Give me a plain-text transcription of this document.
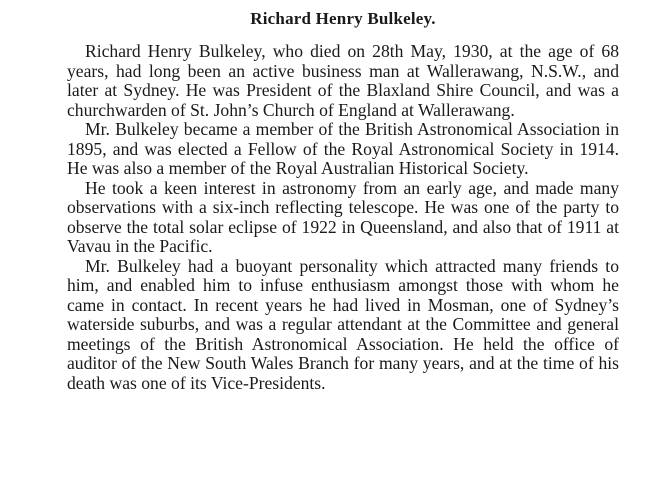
Richard Henry Bulkeley.

Richard Henry Bulkeley, who died on 28th May, 1930, at the age of 68 years, had long been an active business man at Wallerawang, N.S.W., and later at Sydney. He was President of the Blaxland Shire Council, and was a churchwarden of St. John’s Church of England at Wallerawang.

Mr. Bulkeley became a member of the British Astronomical Association in 1895, and was elected a Fellow of the Royal Astronomical Society in 1914. He was also a member of the Royal Australian Historical Society.

He took a keen interest in astronomy from an early age, and made many observations with a six-inch reflecting telescope. He was one of the party to observe the total solar eclipse of 1922 in Queensland, and also that of 1911 at Vavau in the Pacific.

Mr. Bulkeley had a buoyant personality which attracted many friends to him, and enabled him to infuse enthusiasm amongst those with whom he came in contact. In recent years he had lived in Mosman, one of Sydney’s waterside suburbs, and was a regular attendant at the Committee and general meetings of the British Astronomical Association. He held the office of auditor of the New South Wales Branch for many years, and at the time of his death was one of its Vice-Presidents.
